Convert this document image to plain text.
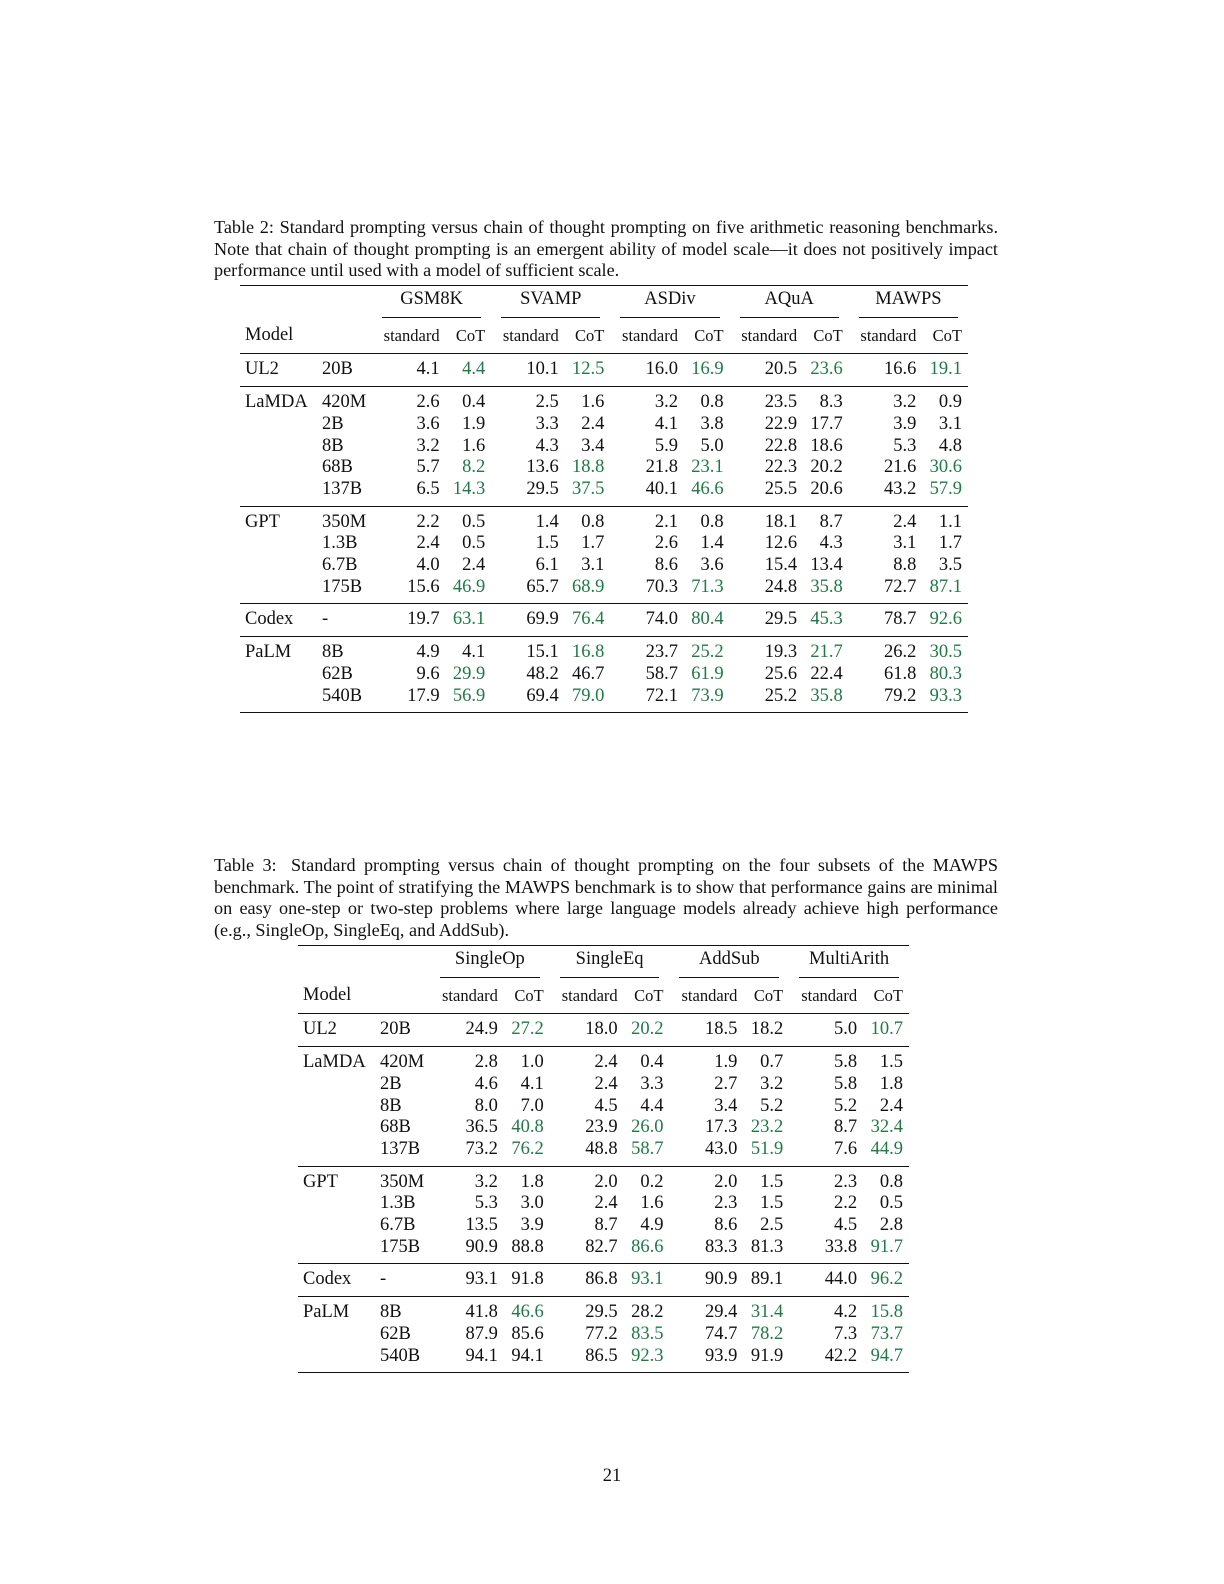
Table 2: Standard prompting versus chain of thought prompting on five arithmetic reasoning benchmarks. Note that chain of thought prompting is an emergent ability of model scale—it does not positively impact performance until used with a model of sufficient scale.

		GSM8K		SVAMP		ASDiv		AQuA		MAWPS	

Model		standard	CoT	standard	CoT	standard	CoT	standard	CoT	standard	CoT
UL2	20B	4.1	4.4	10.1	12.5	16.0	16.9	20.5	23.6	16.6	19.1
LaMDA	420M	2.6	0.4	2.5	1.6	3.2	0.8	23.5	8.3	3.2	0.9
	2B	3.6	1.9	3.3	2.4	4.1	3.8	22.9	17.7	3.9	3.1
	8B	3.2	1.6	4.3	3.4	5.9	5.0	22.8	18.6	5.3	4.8
	68B	5.7	8.2	13.6	18.8	21.8	23.1	22.3	20.2	21.6	30.6
	137B	6.5	14.3	29.5	37.5	40.1	46.6	25.5	20.6	43.2	57.9
GPT	350M	2.2	0.5	1.4	0.8	2.1	0.8	18.1	8.7	2.4	1.1
	1.3B	2.4	0.5	1.5	1.7	2.6	1.4	12.6	4.3	3.1	1.7
	6.7B	4.0	2.4	6.1	3.1	8.6	3.6	15.4	13.4	8.8	3.5
	175B	15.6	46.9	65.7	68.9	70.3	71.3	24.8	35.8	72.7	87.1
Codex	-	19.7	63.1	69.9	76.4	74.0	80.4	29.5	45.3	78.7	92.6
PaLM	8B	4.9	4.1	15.1	16.8	23.7	25.2	19.3	21.7	26.2	30.5
	62B	9.6	29.9	48.2	46.7	58.7	61.9	25.6	22.4	61.8	80.3
	540B	17.9	56.9	69.4	79.0	72.1	73.9	25.2	35.8	79.2	93.3
Table 3: Standard prompting versus chain of thought prompting on the four subsets of the MAWPS benchmark. The point of stratifying the MAWPS benchmark is to show that performance gains are minimal on easy one-step or two-step problems where large language models already achieve high performance (e.g., SingleOp, SingleEq, and AddSub).

		SingleOp		SingleEq		AddSub		MultiArith	

Model		standard	CoT	standard	CoT	standard	CoT	standard	CoT
UL2	20B	24.9	27.2	18.0	20.2	18.5	18.2	5.0	10.7
LaMDA	420M	2.8	1.0	2.4	0.4	1.9	0.7	5.8	1.5
	2B	4.6	4.1	2.4	3.3	2.7	3.2	5.8	1.8
	8B	8.0	7.0	4.5	4.4	3.4	5.2	5.2	2.4
	68B	36.5	40.8	23.9	26.0	17.3	23.2	8.7	32.4
	137B	73.2	76.2	48.8	58.7	43.0	51.9	7.6	44.9
GPT	350M	3.2	1.8	2.0	0.2	2.0	1.5	2.3	0.8
	1.3B	5.3	3.0	2.4	1.6	2.3	1.5	2.2	0.5
	6.7B	13.5	3.9	8.7	4.9	8.6	2.5	4.5	2.8
	175B	90.9	88.8	82.7	86.6	83.3	81.3	33.8	91.7
Codex	-	93.1	91.8	86.8	93.1	90.9	89.1	44.0	96.2
PaLM	8B	41.8	46.6	29.5	28.2	29.4	31.4	4.2	15.8
	62B	87.9	85.6	77.2	83.5	74.7	78.2	7.3	73.7
	540B	94.1	94.1	86.5	92.3	93.9	91.9	42.2	94.7
21
